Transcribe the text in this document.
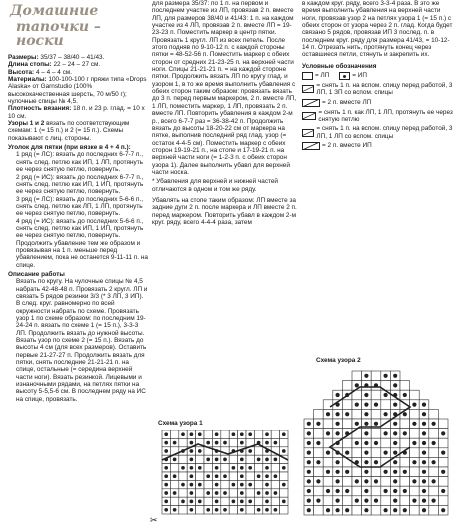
Домашние
тапочки – носки

Размеры: 35/37 – 38/40 – 41/43.

Длина стопы: 22 – 24 – 27 см.

Высота: 4 – 4 – 4 см.

Материалы: 100-100-100 г пряжи типа «Drops Alaska» от Garnstudio (100% высококачественная шерсть, 70 м/50 г); чулочные спицы № 4,5.

Плотность вязания: 18 п. и 23 р. глад. = 10 х 10 см.

Узоры 1 и 2 вязать по соответствующим схемам: 1 (= 15 п.) и 2 (= 15 п.). Схемы показывают с лиц. стороны.

Уголок для пятки (при вязке в 4 + 4 п.):

1 ряд (= ЛС): вязать до последних 6-7-7 п., снять след. петлю как ИП, 1 ЛП, протянуть ее через снятую петлю, повернуть.

2 ряд (= ИС): вязать до последних 6-7-7 п., снять след. петлю как ИП, 1 ИП, протянуть ее через снятую петлю, повернуть.

3 ряд (= ЛС): вязать до последних 5-6-6 п., снять след. петлю как ЛП, 1 ЛП, протянуть ее через снятую петлю, повернуть.

4 ряд (= ИС): вязать до последних 5-6-6 п., снять след. петлю как ИП, 1 ИП, протянуть ее через снятую петлю, повернуть.

Продолжить убавление тем же образом и провязывая на 1 п. меньше перед убавлением, пока не останется 9-11-11 п. на спице.

Описание работы

Вязать по кругу. На чулочные спицы № 4,5 набрать 42-48-48 п. Провязать 2 кругл. ЛП и связать 5 рядов резинки 3/3 (* 3 ЛП, 3 ИП). В след. круг. равномерно по всей окружности набрать по схеме. Провязать узор 1 по схеме образом: по последним 19-24-24 п. вязать по схеме 1 (= 15 п.), 3-3-3 ЛП. Продолжить вязать до нужной высоты. Вязать узор по схеме 2 (= 15 п.). Вязать до высоты 4 см (для всех размеров). Оставить первые 21-27-27 п. Продолжить вязать для пятки, снять последние 21-21-21 п. на спице, остальные (= середина верхней части ноги). Вязать резинкой. Лицевыми и изнаночными рядами, на петлях пятки на высоту 5-5,5-6 см. В последнем ряду на ИС на спице, провязать.

для размера 35/37: по 1 п. на первом и последнем участке из ЛП, провязав 2 п. вместе ЛП, для размеров 38/40 и 41/43: 1 п. на каждом участке из 4 ЛП, провязав 2 п. вместе ЛП = 19-23-23 п. Поместить маркер в центр пятки. Провязать 1 кругл. ЛП из всех петель. После этого подняв по 9-10-12 п. с каждой стороны пятки = 48-52-56 п. Поместить маркер с обеих сторон от средних 21-23-25 п. на верхней части ноги. Спицы 21-21-21 п. = на каждой стороне пятки. Продолжить вязать ЛП по кругу глад. и узором 1, в то же время выполнить убавления с обеих сторон таким образом: провязать вязать до 3 п. перед первым маркером, 2 п. вместе ЛП, 1 ЛП, поместить маркер, 1 ЛП, провязать 2 п. вместе ЛП. Повторить убавления в каждом 2-м р., всего 6-7-7 раз = 36-38-42 п. Продолжить вязать до высоты 18-20-22 см от маркера на пятке, выполнив последний ряд глад. узор (= остаток 4-4-5 см). Поместить маркер с обеих сторон 19-19-21 п., на стопе и 17-19-21 п. на верхней части ноги (= 1-2-3 п. с обеих сторон узора 1). Далее выполнить убавл для верхней части носка.

* Убавления для верхней и нижней частей отличаются в одном и том же ряду.

Убавлять на стопе таким образом: ЛП вместе за задние дуги 2 п. после маркера и ЛП вместе 2 п. перед маркером. Повторить убавл в каждом 2-м круг. ряду, всего 4-4-4 раза, затем

в каждом круг. ряду, всего 3-3-4 раза. В это же время выполнить убавления на верхней части ноги, провязав узор 2 на петлях узора 1 (= 15 п.) с обеих сторон от узора через 2 п. глад. Когда будет связано 5 рядов, провязав ИП 3 послед. п. в последнем круг. ряду для размера 41/43, = 10-12-14 п. Отрезать нить, протянуть конец через оставшиеся петли, стянуть и закрепить их.

Условные обозначения
= ЛП	= ИП
= снять 1 п. на вспом. спицу перед работой, 3 ЛП, 1 ЗП со вспом. спицы
= 2 п. вместе ЛП
= снять 1 п. как ЛП, 1 ЛП, протянуть ее через снятую петлю
= снять 1 п. на вспом. спицу перед работой, 3 ЛП, 1 ЛП со вспом. спицы
= 2 п. вместе ИП
Схема узора 1
Схема узора 2
✂
